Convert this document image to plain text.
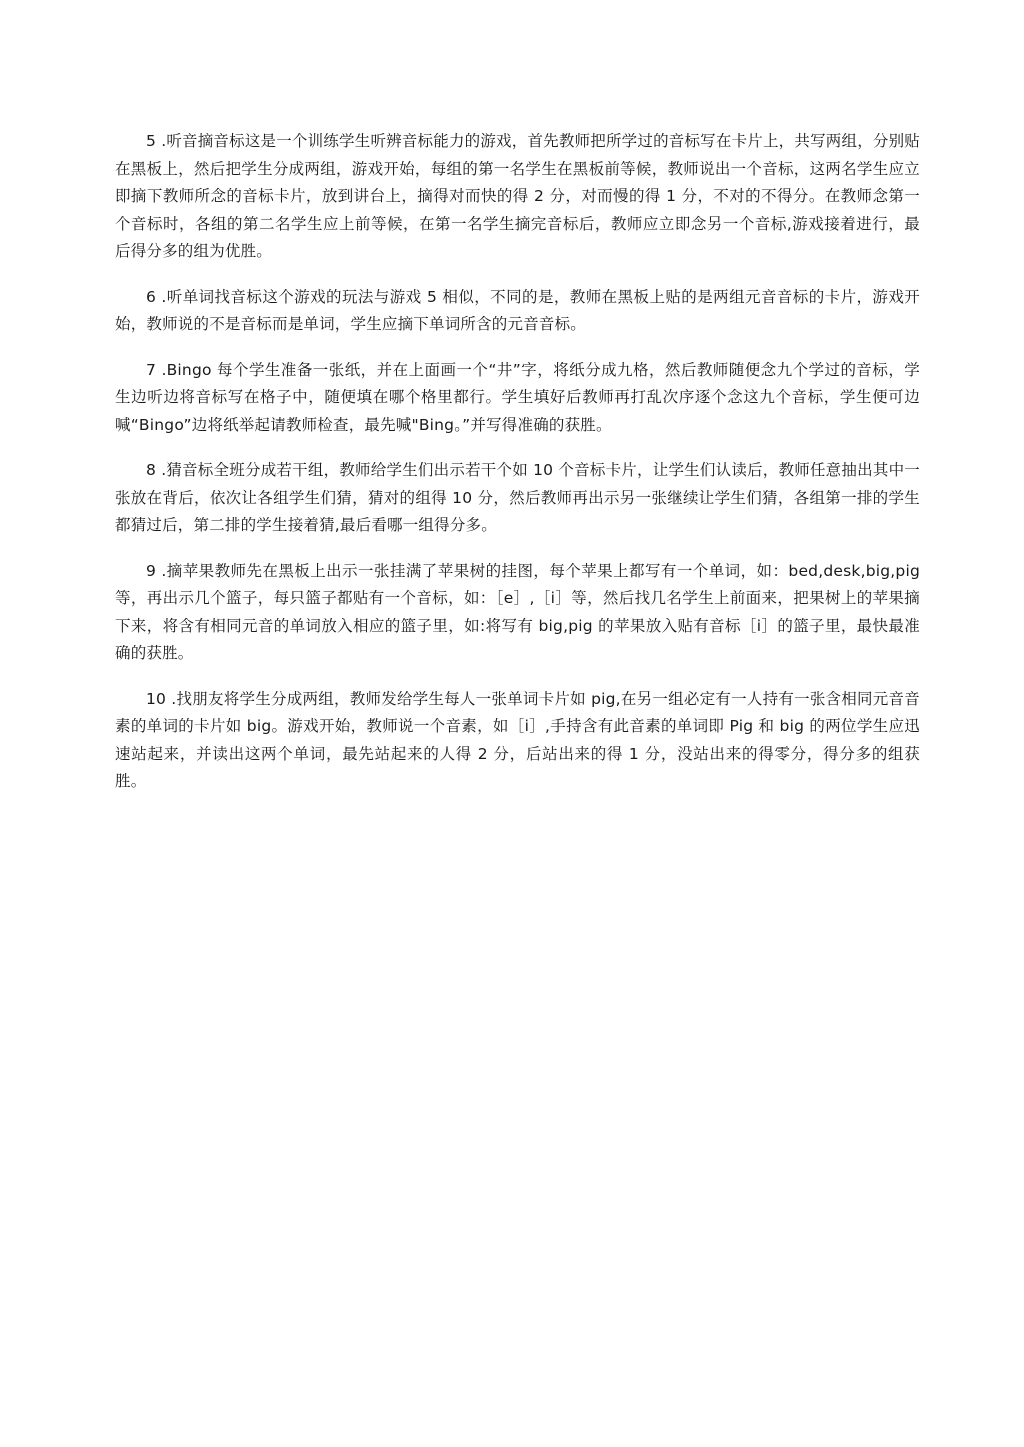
5 .听音摘音标这是一个训练学生听辨音标能力的游戏，首先教师把所学过的音标写在卡片上，共写两组，分别贴在黑板上，然后把学生分成两组，游戏开始，每组的第一名学生在黑板前等候，教师说出一个音标，这两名学生应立即摘下教师所念的音标卡片，放到讲台上，摘得对而快的得 2 分，对而慢的得 1 分，不对的不得分。在教师念第一个音标时，各组的第二名学生应上前等候，在第一名学生摘完音标后，教师应立即念另一个音标,游戏接着进行，最后得分多的组为优胜。

6 .听单词找音标这个游戏的玩法与游戏 5 相似，不同的是，教师在黑板上贴的是两组元音音标的卡片，游戏开始，教师说的不是音标而是单词，学生应摘下单词所含的元音音标。

7 .Bingo 每个学生准备一张纸，并在上面画一个“井”字，将纸分成九格，然后教师随便念九个学过的音标，学生边听边将音标写在格子中，随便填在哪个格里都行。学生填好后教师再打乱次序逐个念这九个音标，学生便可边喊“Bingo”边将纸举起请教师检查，最先喊"Bing。”并写得准确的获胜。

8 .猜音标全班分成若干组，教师给学生们出示若干个如 10 个音标卡片，让学生们认读后，教师任意抽出其中一张放在背后，依次让各组学生们猜，猜对的组得 10 分，然后教师再出示另一张继续让学生们猜，各组第一排的学生都猜过后，第二排的学生接着猜,最后看哪一组得分多。

9 .摘苹果教师先在黑板上出示一张挂满了苹果树的挂图，每个苹果上都写有一个单词，如：bed,desk,big,pig 等，再出示几个篮子，每只篮子都贴有一个音标，如：［e］,［i］等，然后找几名学生上前面来，把果树上的苹果摘下来，将含有相同元音的单词放入相应的篮子里，如:将写有 big,pig 的苹果放入贴有音标［i］的篮子里，最快最准确的获胜。

10 .找朋友将学生分成两组，教师发给学生每人一张单词卡片如 pig,在另一组必定有一人持有一张含相同元音音素的单词的卡片如 big。游戏开始，教师说一个音素，如［i］,手持含有此音素的单词即 Pig 和 big 的两位学生应迅速站起来，并读出这两个单词，最先站起来的人得 2 分，后站出来的得 1 分，没站出来的得零分，得分多的组获胜。
